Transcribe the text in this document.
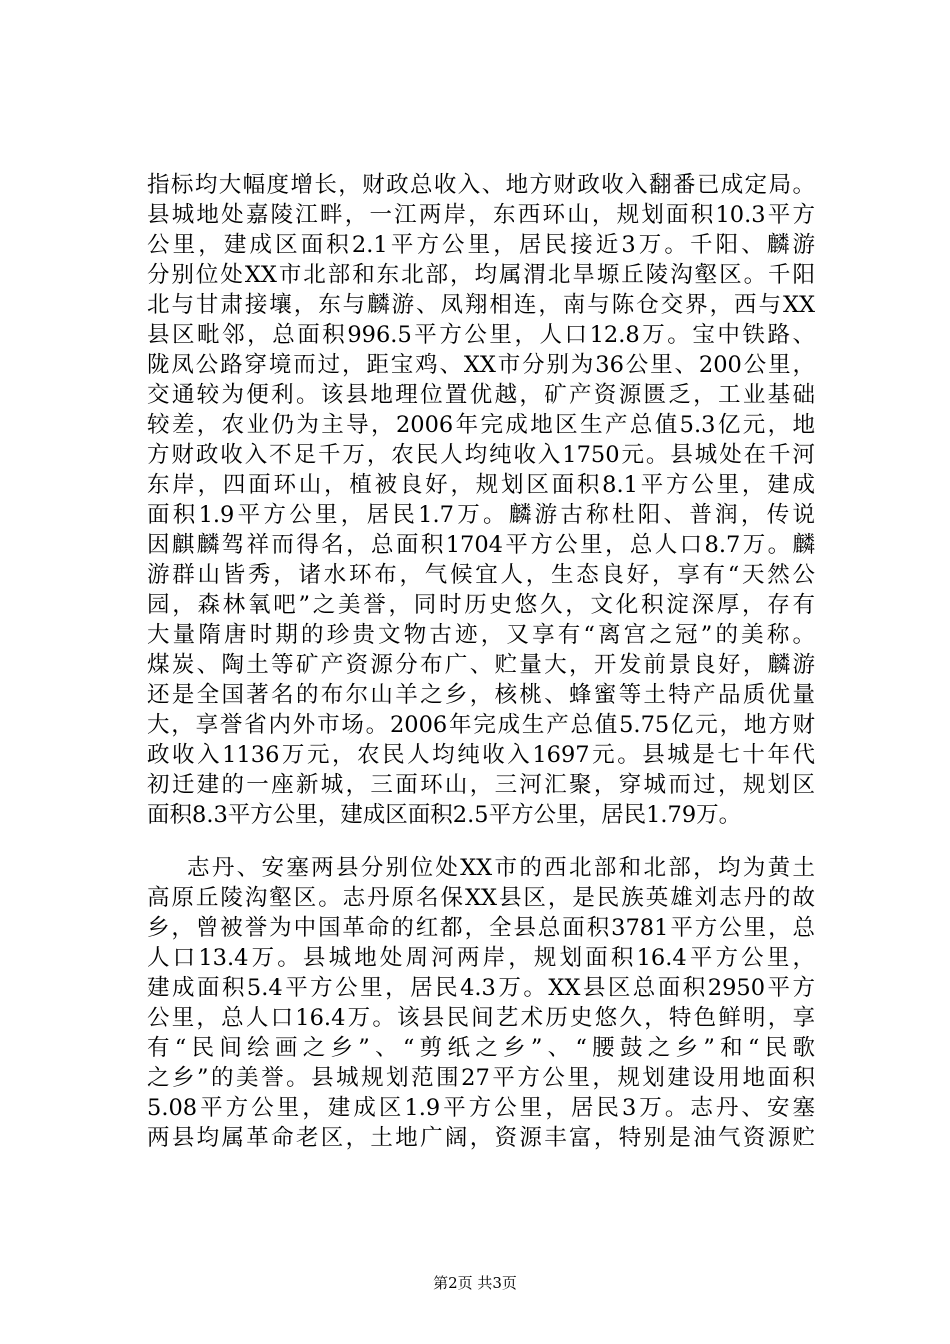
指标均大幅度增长，财政总收入、地方财政收入翻番已成定局。

县城地处嘉陵江畔，一江两岸，东西环山，规划面积10.3平方

公里，建成区面积2.1平方公里，居民接近3万。千阳、麟游

分别位处XX市北部和东北部，均属渭北旱塬丘陵沟壑区。千阳

北与甘肃接壤，东与麟游、凤翔相连，南与陈仓交界，西与XX

县区毗邻，总面积996.5平方公里，人口12.8万。宝中铁路、

陇凤公路穿境而过，距宝鸡、XX市分别为36公里、200公里，

交通较为便利。该县地理位置优越，矿产资源匮乏，工业基础

较差，农业仍为主导，2006年完成地区生产总值5.3亿元，地

方财政收入不足千万，农民人均纯收入1750元。县城处在千河

东岸，四面环山，植被良好，规划区面积8.1平方公里，建成

面积1.9平方公里，居民1.7万。麟游古称杜阳、普润，传说

因麒麟驾祥而得名，总面积1704平方公里，总人口8.7万。麟

游群山皆秀，诸水环布，气候宜人，生态良好，享有“天然公

园，森林氧吧”之美誉，同时历史悠久，文化积淀深厚，存有

大量隋唐时期的珍贵文物古迹，又享有“离宫之冠”的美称。

煤炭、陶土等矿产资源分布广、贮量大，开发前景良好，麟游

还是全国著名的布尔山羊之乡，核桃、蜂蜜等土特产品质优量

大，享誉省内外市场。2006年完成生产总值5.75亿元，地方财

政收入1136万元，农民人均纯收入1697元。县城是七十年代

初迁建的一座新城，三面环山，三河汇聚，穿城而过，规划区

面积8.3平方公里，建成区面积2.5平方公里，居民1.79万。

志丹、安塞两县分别位处XX市的西北部和北部，均为黄土

高原丘陵沟壑区。志丹原名保XX县区，是民族英雄刘志丹的故

乡，曾被誉为中国革命的红都，全县总面积3781平方公里，总

人口13.4万。县城地处周河两岸，规划面积16.4平方公里，

建成面积5.4平方公里，居民4.3万。XX县区总面积2950平方

公里，总人口16.4万。该县民间艺术历史悠久，特色鲜明，享

有“民间绘画之乡”、“剪纸之乡”、“腰鼓之乡”和“民歌

之乡”的美誉。县城规划范围27平方公里，规划建设用地面积

5.08平方公里，建成区1.9平方公里，居民3万。志丹、安塞

两县均属革命老区，土地广阔，资源丰富，特别是油气资源贮

第2页 共3页
